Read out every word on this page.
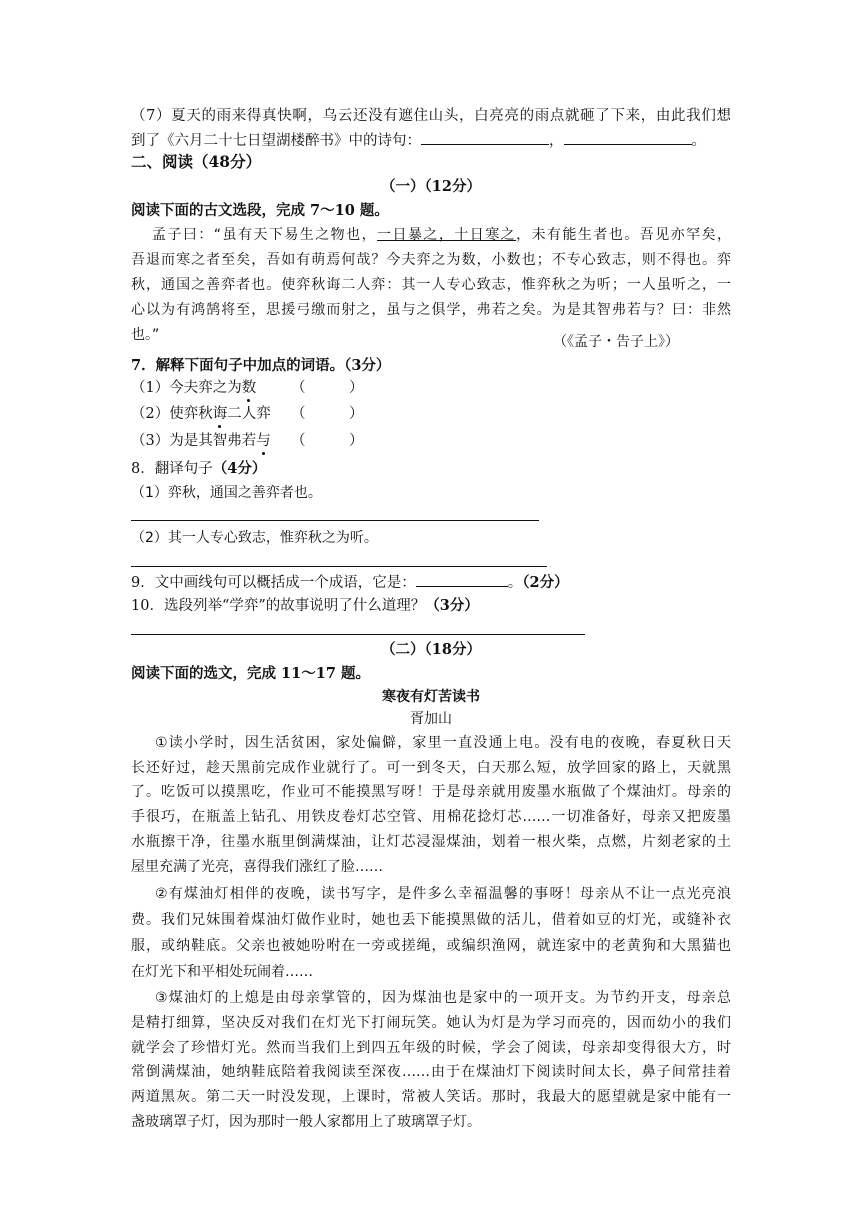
（7）夏天的雨来得真快啊，乌云还没有遮住山头，白亮亮的雨点就砸了下来，由此我们想
到了《六月二十七日望湖楼醉书》中的诗句：	，	。
二、阅读（48分）
（一）（12分）
阅读下面的古文选段，完成 7～10 题。
孟子曰：“虽有天下易生之物也，一日暴之，十日寒之，未有能生者也。吾见亦罕矣，
吾退而寒之者至矣，吾如有萌焉何哉？今夫弈之为数，小数也；不专心致志，则不得也。弈
秋，通国之善弈者也。使弈秋诲二人弈：其一人专心致志，惟弈秋之为听；一人虽听之，一
心以为有鸿鹄将至，思援弓缴而射之，虽与之俱学，弗若之矣。为是其智弗若与？曰：非然
也。”	（《孟子・告子上》）
7．解释下面句子中加点的词语。（3分）
（1）今夫弈之为数 （　　　）
（2）使弈秋诲二人弈 （　　　）
（3）为是其智弗若与 （　　　）
8．翻译句子（4分）
（1）弈秋，通国之善弈者也。
（2）其一人专心致志，惟弈秋之为听。
9．文中画线句可以概括成一个成语，它是：	。（2分）
10．选段列举“学弈”的故事说明了什么道理？（3分）
（二）（18分）
阅读下面的选文，完成 11～17 题。
寒夜有灯苦读书
胥加山
①读小学时，因生活贫困，家处偏僻，家里一直没通上电。没有电的夜晚，春夏秋日天
长还好过，趁天黑前完成作业就行了。可一到冬天，白天那么短，放学回家的路上，天就黑
了。吃饭可以摸黑吃，作业可不能摸黑写呀！于是母亲就用废墨水瓶做了个煤油灯。母亲的
手很巧，在瓶盖上钻孔、用铁皮卷灯芯空管、用棉花捻灯芯……一切准备好，母亲又把废墨
水瓶擦干净，往墨水瓶里倒满煤油，让灯芯浸湿煤油，划着一根火柴，点燃，片刻老家的土
屋里充满了光亮，喜得我们涨红了脸……
②有煤油灯相伴的夜晚，读书写字，是件多么幸福温馨的事呀！母亲从不让一点光亮浪
费。我们兄妹围着煤油灯做作业时，她也丢下能摸黑做的活儿，借着如豆的灯光，或缝补衣
服，或纳鞋底。父亲也被她吩咐在一旁或搓绳，或编织渔网，就连家中的老黄狗和大黑猫也
在灯光下和平相处玩闹着……
③煤油灯的上熄是由母亲掌管的，因为煤油也是家中的一项开支。为节约开支，母亲总
是精打细算，坚决反对我们在灯光下打闹玩笑。她认为灯是为学习而亮的，因而幼小的我们
就学会了珍惜灯光。然而当我们上到四五年级的时候，学会了阅读，母亲却变得很大方，时
常倒满煤油，她纳鞋底陪着我阅读至深夜……由于在煤油灯下阅读时间太长，鼻子间常挂着
两道黑灰。第二天一时没发现，上课时，常被人笑话。那时，我最大的愿望就是家中能有一
盏玻璃罩子灯，因为那时一般人家都用上了玻璃罩子灯。
